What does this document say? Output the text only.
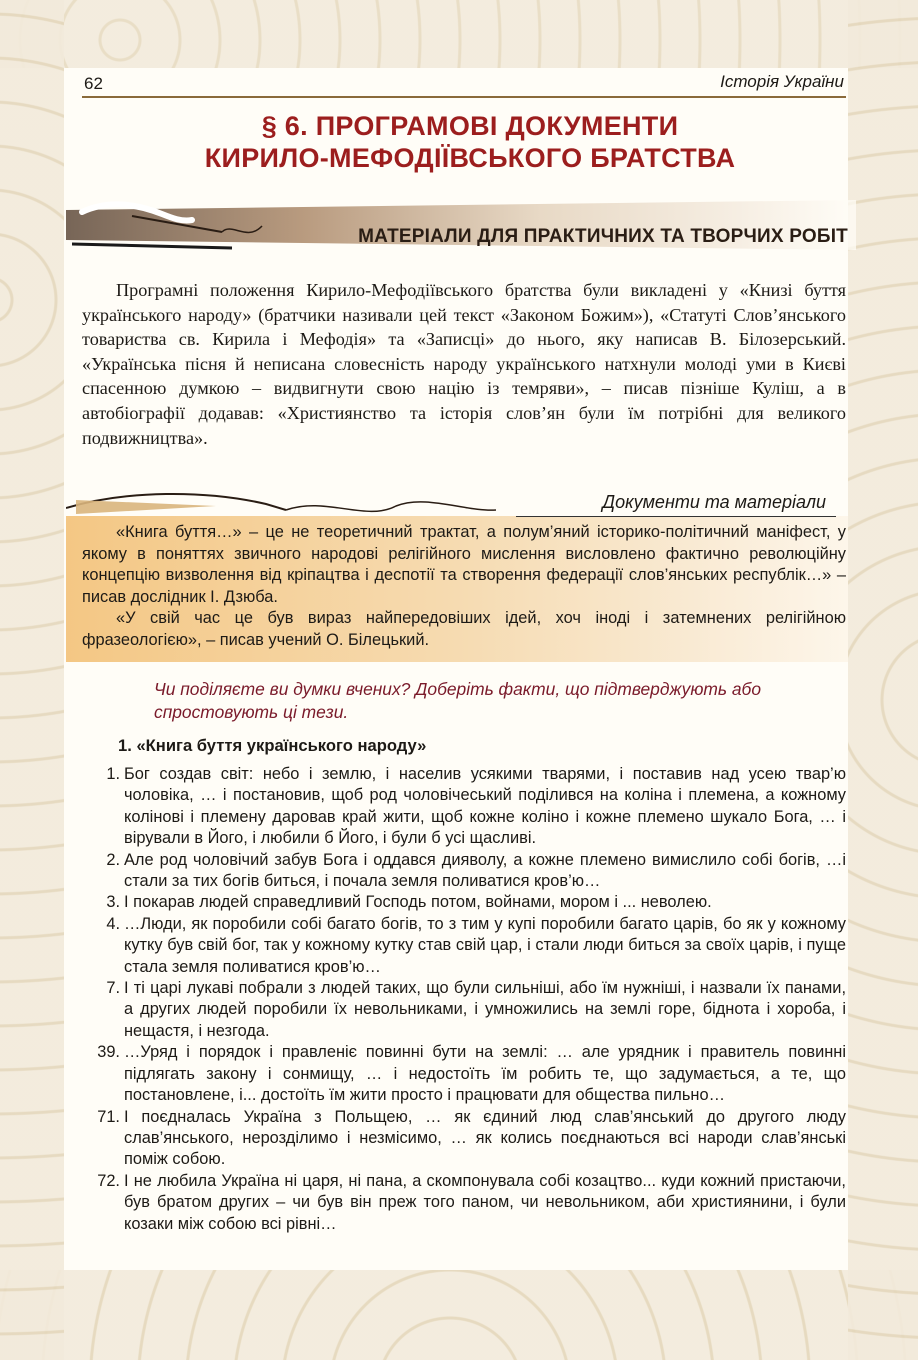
62	Історія України
§ 6. ПРОГРАМОВІ ДОКУМЕНТИ
КИРИЛО-МЕФОДІЇВСЬКОГО БРАТСТВА
МАТЕРІАЛИ ДЛЯ ПРАКТИЧНИХ ТА ТВОРЧИХ РОБІТ

Програмні положення Кирило-Мефодіївського братства були викладені у «Книзі буття українського народу» (братчики називали цей текст «Законом Божим»), «Статуті Слов’янського товариства св. Кирила і Мефодія» та «Записці» до нього, яку написав В. Білозерський. «Українська пісня й неписана словесність народу українського натхнули молоді уми в Києві спасенною думкою – видвигнути свою націю із темряви», – писав пізніше Куліш, а в автобіографії додавав: «Християнство та історія слов’ян були їм потрібні для великого подвижництва».

Документи та матеріали

«Книга буття…» – це не теоретичний трактат, а полум’яний історико-політичний маніфест, у якому в поняттях звичного народові релігійного мислення висловлено фактично революційну концепцію визволення від кріпацтва і деспотії та створення федерації слов’янських республік…» – писав дослідник І. Дзюба.

«У свій час це був вираз найпередовіших ідей, хоч іноді і затемнених релігійною фразеологією», – писав учений О. Білецький.

Чи поділяєте ви думки вчених? Доберіть факти, що підтверджують або спростовують ці тези.
1. «Книга буття українського народу»
1. Бог создав світ: небо і землю, і населив усякими тварями, і поставив над усею твар’ю чоловіка, … і постановив, щоб род чоловічеський поділився на коліна і племена, а кожному колінові і племену даровав край жити, щоб кожне коліно і кожне племено шукало Бога, … і вірували в Його, і любили б Його, і були б усі щасливі.
2. Але род чоловічий забув Бога і оддався дияволу, а кожне племено вимислило собі богів, …і стали за тих богів биться, і почала земля поливатися кров’ю…
3. І покарав людей справедливий Господь потом, войнами, мором і ... неволею.
4. …Люди, як поробили собі багато богів, то з тим у купі поробили багато царів, бо як у кожному кутку був свій бог, так у кожному кутку став свій цар, і стали люди биться за своїх царів, і пуще стала земля поливатися кров’ю…
7. І ті царі лукаві побрали з людей таких, що були сильніші, або їм нужніші, і назвали їх панами, а других людей поробили їх невольниками, і умножились на землі горе, біднота і хороба, і нещастя, і незгода.
39. …Уряд і порядок і правленіє повинні бути на землі: … але урядник і правитель повинні підлягать закону і сонмищу, … і недостоїть їм робить те, що задумається, а те, що постановлене, і... достоїть їм жити просто і працювати для общества пильно…
71. І поєдналась Україна з Польщею, … як єдиний люд слав’янський до другого люду слав’янського, нерозділимо і незмісимо, … як колись поєднаються всі народи слав’янські поміж собою.
72. І не любила Україна ні царя, ні пана, а скомпонувала собі козацтво... куди кожний пристаючи, був братом других – чи був він преж того паном, чи невольником, аби християнини, і були козаки між собою всі рівні…
